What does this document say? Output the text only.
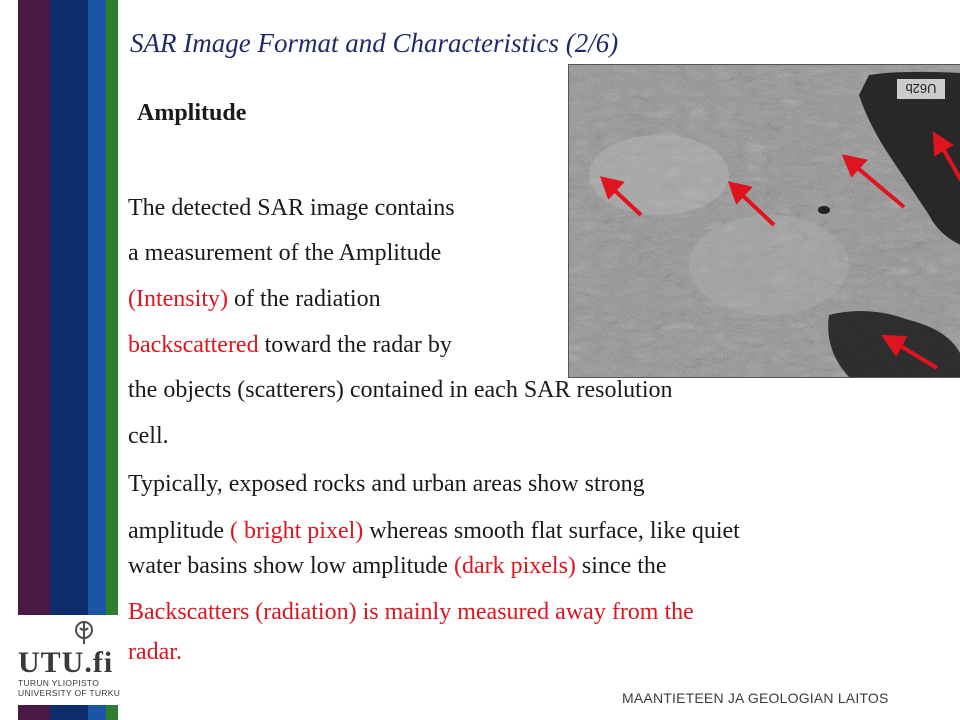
UTU.fi
TURUN YLIOPISTO
UNIVERSITY OF TURKU
SAR Image Format and Characteristics (2/6)
Amplitude
U62b
The detected SAR image contains
a measurement of the Amplitude
(Intensity) of the radiation
backscattered toward the radar by
the objects (scatterers) contained in each SAR resolution
cell.
Typically, exposed rocks and urban areas show strong
amplitude ( bright pixel) whereas smooth flat surface, like quiet
water basins show low amplitude (dark pixels) since the
Backscatters (radiation) is mainly measured away from the
radar.
MAANTIETEEN JA GEOLOGIAN LAITOS
